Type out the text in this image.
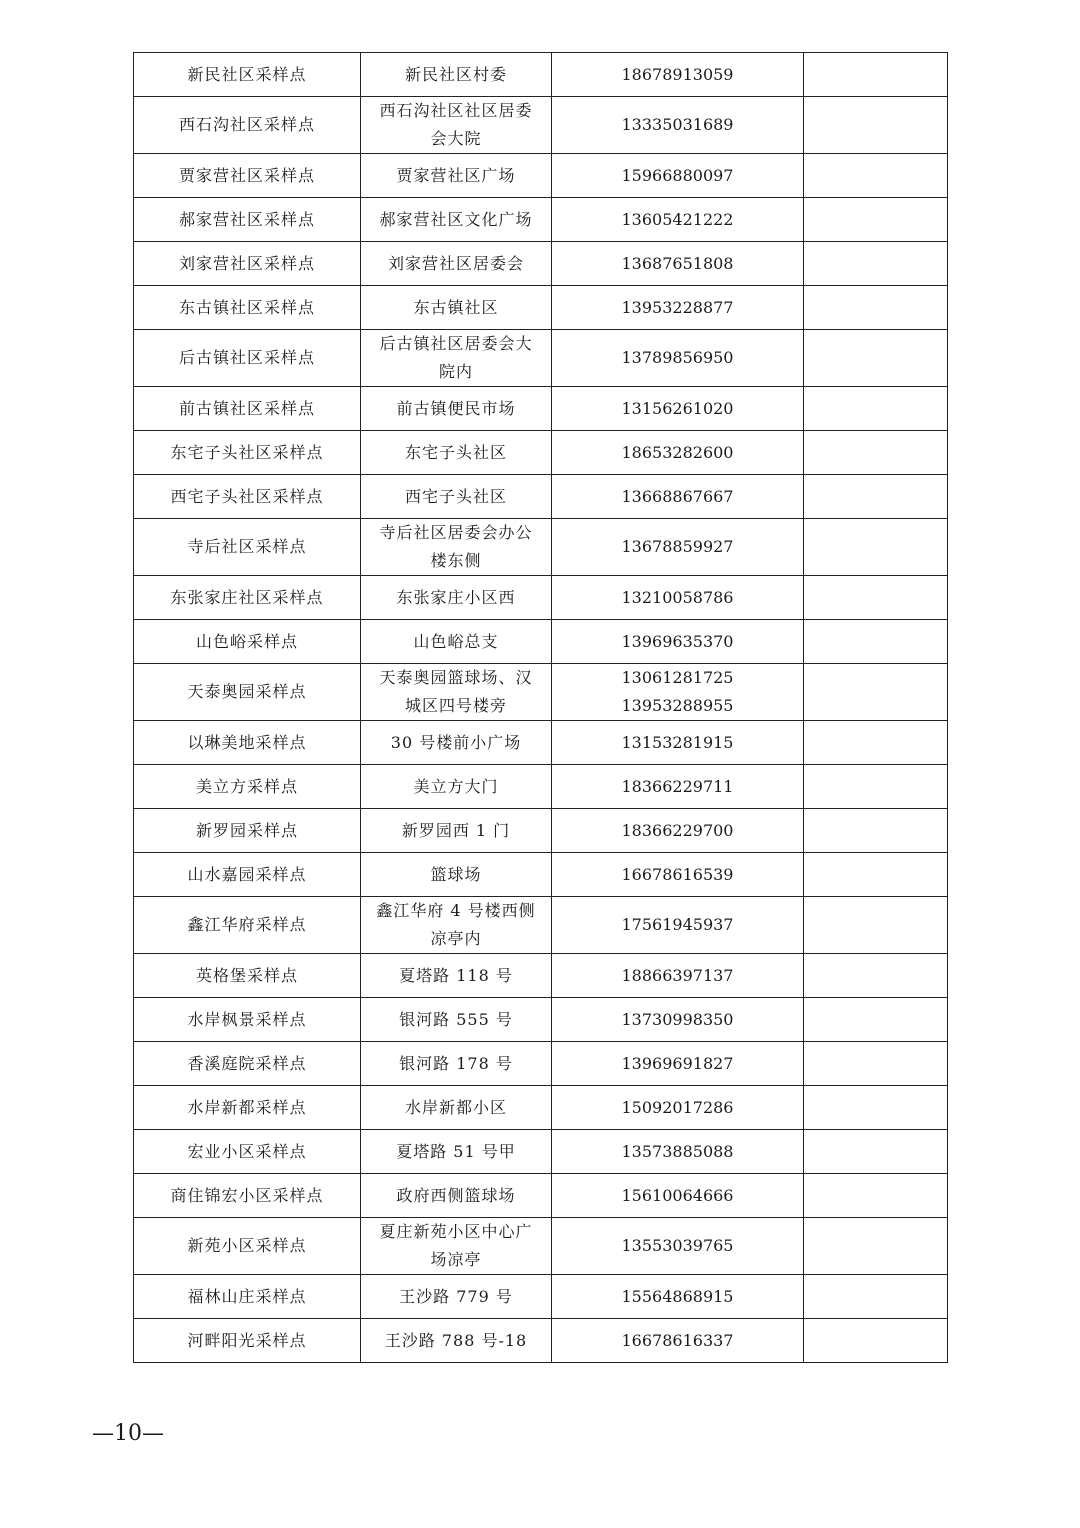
新民社区采样点	新民社区村委	18678913059	

西石沟社区采样点	西石沟社区社区居委
会大院	13335031689	

贾家营社区采样点	贾家营社区广场	15966880097	

郝家营社区采样点	郝家营社区文化广场	13605421222	

刘家营社区采样点	刘家营社区居委会	13687651808	

东古镇社区采样点	东古镇社区	13953228877	

后古镇社区采样点	后古镇社区居委会大
院内	13789856950	

前古镇社区采样点	前古镇便民市场	13156261020	

东宅子头社区采样点	东宅子头社区	18653282600	

西宅子头社区采样点	西宅子头社区	13668867667	

寺后社区采样点	寺后社区居委会办公
楼东侧	13678859927	

东张家庄社区采样点	东张家庄小区西	13210058786	

山色峪采样点	山色峪总支	13969635370	

天泰奥园采样点	天泰奥园篮球场、汉
城区四号楼旁	13061281725
13953288955	

以琳美地采样点	30 号楼前小广场	13153281915	

美立方采样点	美立方大门	18366229711	

新罗园采样点	新罗园西 1 门	18366229700	

山水嘉园采样点	篮球场	16678616539	

鑫江华府采样点	鑫江华府 4 号楼西侧
凉亭内	17561945937	

英格堡采样点	夏塔路 118 号	18866397137	

水岸枫景采样点	银河路 555 号	13730998350	

香溪庭院采样点	银河路 178 号	13969691827	

水岸新都采样点	水岸新都小区	15092017286	

宏业小区采样点	夏塔路 51 号甲	13573885088	

商住锦宏小区采样点	政府西侧篮球场	15610064666	

新苑小区采样点	夏庄新苑小区中心广
场凉亭	13553039765	

福林山庄采样点	王沙路 779 号	15564868915	

河畔阳光采样点	王沙路 788 号-18	16678616337	

—10—
